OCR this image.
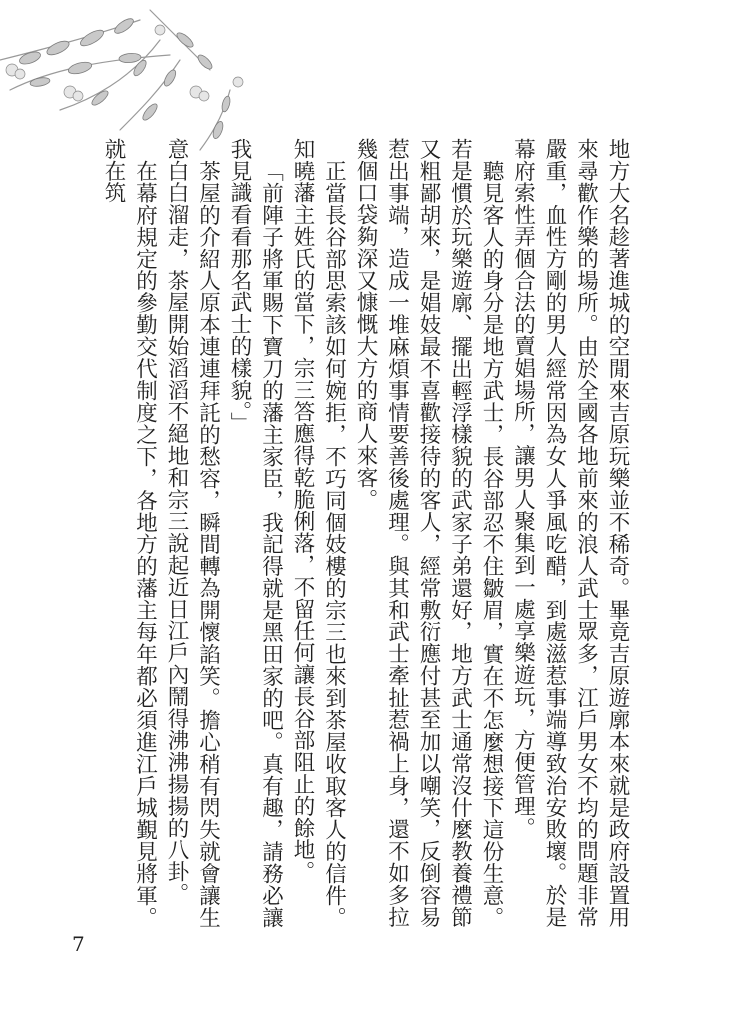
地方大名趁著進城的空閒來吉原玩樂並不稀奇。畢竟吉原遊廓本來就是政府設置用來尋歡作樂的場所。由於全國各地前來的浪人武士眾多，江戶男女不均的問題非常嚴重，血性方剛的男人經常因為女人爭風吃醋，到處滋惹事端導致治安敗壞。於是幕府索性弄個合法的賣娼場所，讓男人聚集到一處享樂遊玩，方便管理。

聽見客人的身分是地方武士，長谷部忍不住皺眉，實在不怎麼想接下這份生意。若是慣於玩樂遊廓、擺出輕浮樣貌的武家子弟還好，地方武士通常沒什麼教養禮節又粗鄙胡來，是娼妓最不喜歡接待的客人，經常敷衍應付甚至加以嘲笑，反倒容易惹出事端，造成一堆麻煩事情要善後處理。與其和武士牽扯惹禍上身，還不如多拉幾個口袋夠深又慷慨大方的商人來客。

正當長谷部思索該如何婉拒，不巧同個妓樓的宗三也來到茶屋收取客人的信件。知曉藩主姓氏的當下，宗三答應得乾脆俐落，不留任何讓長谷部阻止的餘地。

「前陣子將軍賜下寶刀的藩主家臣，我記得就是黑田家的吧。真有趣，請務必讓我見識看看那名武士的樣貌。」

茶屋的介紹人原本連連拜託的愁容，瞬間轉為開懷諂笑。擔心稍有閃失就會讓生意白白溜走，茶屋開始滔滔不絕地和宗三說起近日江戶內鬧得沸沸揚揚的八卦。

在幕府規定的參勤交代制度之下，各地方的藩主每年都必須進江戶城覲見將軍。就在筑

7
